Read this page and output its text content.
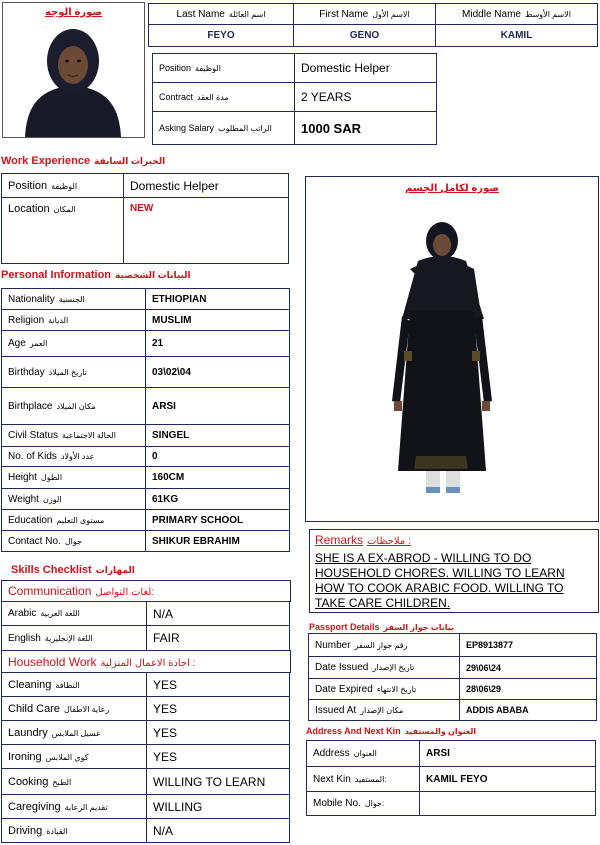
صورة الوجه	Last Name اسم العائلة	First Name الاسم الأول	Middle Name الاسم الأوسط
FEYO	GENO	KAMIL
Position الوظيفة	Domestic Helper
Contract مدة العقد	2 YEARS
Asking Salary الراتب المطلوب 1000 SAR
Work Experience الخبرات السابقة
Position الوظيفة	Domestic Helper
Location المكان	NEW
Personal Information البيانات الشخصية
Nationality الجنسية	ETHIOPIAN
Religion الديانة	MUSLIM
Age العمر	21
Birthday تاريخ الميلاد	03\02\04
Birthplace مكان الميلاد	ARSI
Civil Status الحالة الاجتماعية	SINGEL
No. of Kids عدد الأولاد	0
Height الطول	160CM
Weight الوزن	61KG
Education مستوى التعليم	PRIMARY SCHOOL
Contact No. جوال	SHIKUR EBRAHIM
Skills Checklist المهارات
Communication لغات التواصل:
Arabic اللغة العربية	N/A
English اللغة الإنجليزية	FAIR
Household Work اجادة الاعمال المنزلية :
Cleaning النظافة	YES
Child Care رعاية الاطفال	YES
Laundry غسيل الملابس	YES
Ironing كوي الملابس	YES
Cooking الطبخ	WILLING TO LEARN
Caregiving تقديم الرعاية	WILLING
Driving القيادة	N/A
صورة لكامل الجسم
Remarks ملاحظات :
SHE IS A EX-ABROD - WILLING TO DO
HOUSEHOLD CHORES. WILLING TO LEARN
HOW TO COOK ARABIC FOOD. WILLING TO
TAKE CARE CHILDREN.
Passport Details بيانات جواز السفر
Number رقم جواز السفر	EP8913877
Date Issued تاريخ الإصدار	29\06\24
Date Expired تاريخ الانتهاء	28\06\29
Issued At مكان الإصدار	ADDIS ABABA
Address And Next Kin العنوان والمستفيد
Address العنوان	ARSI
Next Kin المستفيد:	KAMIL FEYO
Mobile No. جوال:
